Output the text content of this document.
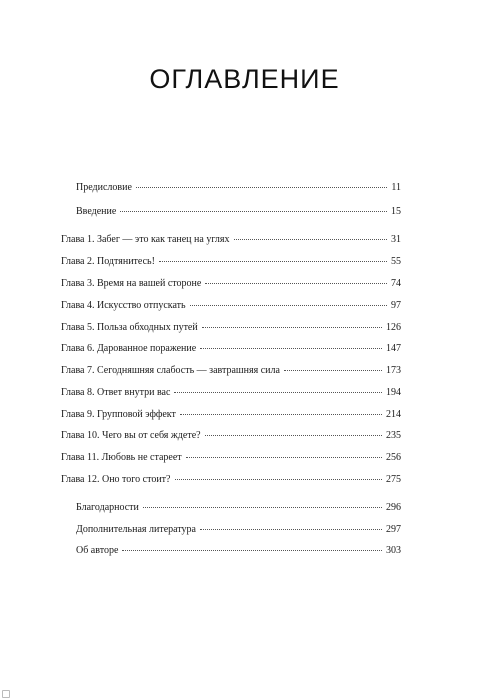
ОГЛАВЛЕНИЕ
Предисловие	11
Введение	15
Глава 1. Забег — это как танец на углях	31
Глава 2. Подтянитесь!	55
Глава 3. Время на вашей стороне	74
Глава 4. Искусство отпускать	97
Глава 5. Польза обходных путей	126
Глава 6. Дарованное поражение	147
Глава 7. Сегодняшняя слабость — завтрашняя сила	173
Глава 8. Ответ внутри вас	194
Глава 9. Групповой эффект	214
Глава 10. Чего вы от себя ждете?	235
Глава 11. Любовь не стареет	256
Глава 12. Оно того стоит?	275
Благодарности	296
Дополнительная литература	297
Об авторе	303
